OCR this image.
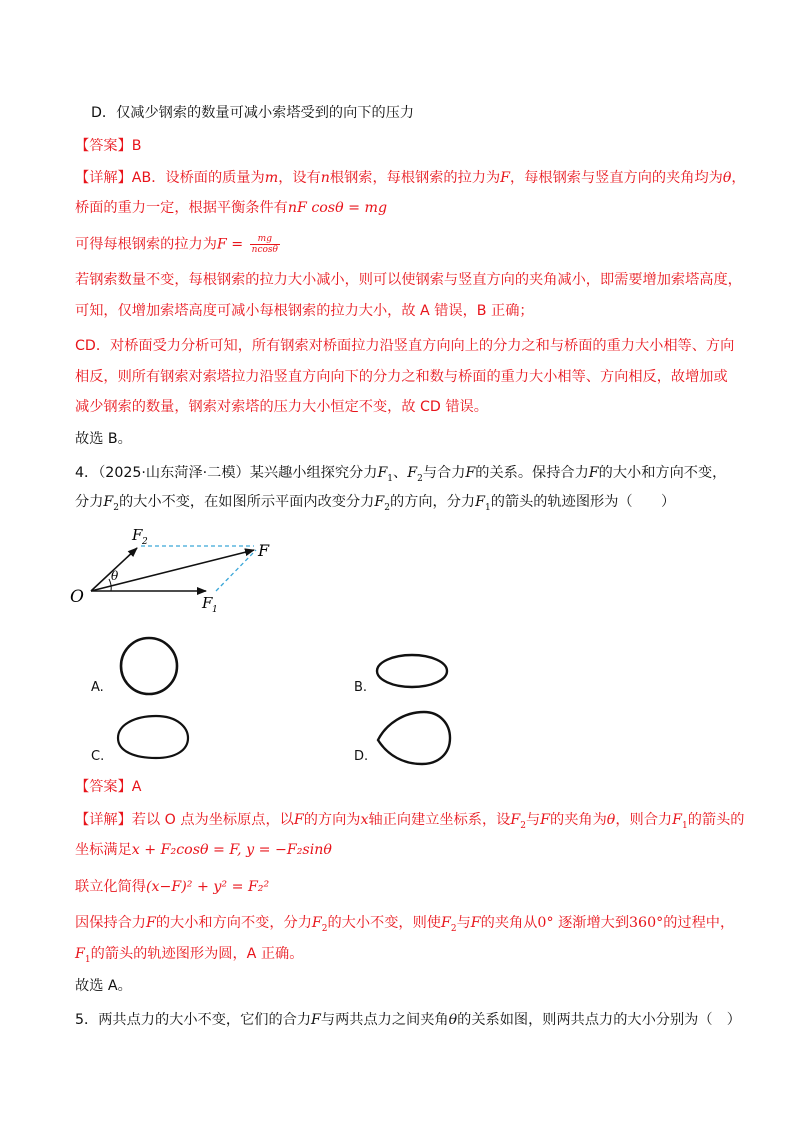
D．仅减少钢索的数量可减小索塔受到的向下的压力
【答案】B
【详解】AB．设桥面的质量为m，设有n根钢索，每根钢索的拉力为F，每根钢索与竖直方向的夹角均为θ，
桥面的重力一定，根据平衡条件有nF cosθ = mg
可得每根钢索的拉力为$F = \frac{mg}{ncos\theta}$
若钢索数量不变，每根钢索的拉力大小减小，则可以使钢索与竖直方向的夹角减小，即需要增加索塔高度，
可知，仅增加索塔高度可减小每根钢索的拉力大小，故 A 错误，B 正确；
CD．对桥面受力分析可知，所有钢索对桥面拉力沿竖直方向向上的分力之和与桥面的重力大小相等、方向
相反，则所有钢索对索塔拉力沿竖直方向向下的分力之和数与桥面的重力大小相等、方向相反，故增加或
减少钢索的数量，钢索对索塔的压力大小恒定不变，故 CD 错误。
故选 B。
4．（2025·山东菏泽·二模）某兴趣小组探究分力$F_1$、$F_2$与合力F的关系。保持合力F的大小和方向不变，
分力$F_2$的大小不变，在如图所示平面内改变分力$F_2$的方向，分力$F_1$的箭头的轨迹图形为（　　）
O
F
F 2
F 1
θ
A.	B.
C.	D.
【答案】A
【详解】若以 O 点为坐标原点，以F的方向为x轴正向建立坐标系，设$F_2$与F的夹角为θ，则合力$F_1$的箭头的
坐标满足x + F₂cosθ = F, y = −F₂sinθ
联立化简得(x−F)² + y² = F₂²
因保持合力F的大小和方向不变，分力$F_2$的大小不变，则使$F_2$与F的夹角从0° 逐渐增大到360°的过程中，
$F_1$的箭头的轨迹图形为圆，A 正确。
故选 A。
5．两共点力的大小不变，它们的合力F与两共点力之间夹角θ的关系如图，则两共点力的大小分别为（　）
